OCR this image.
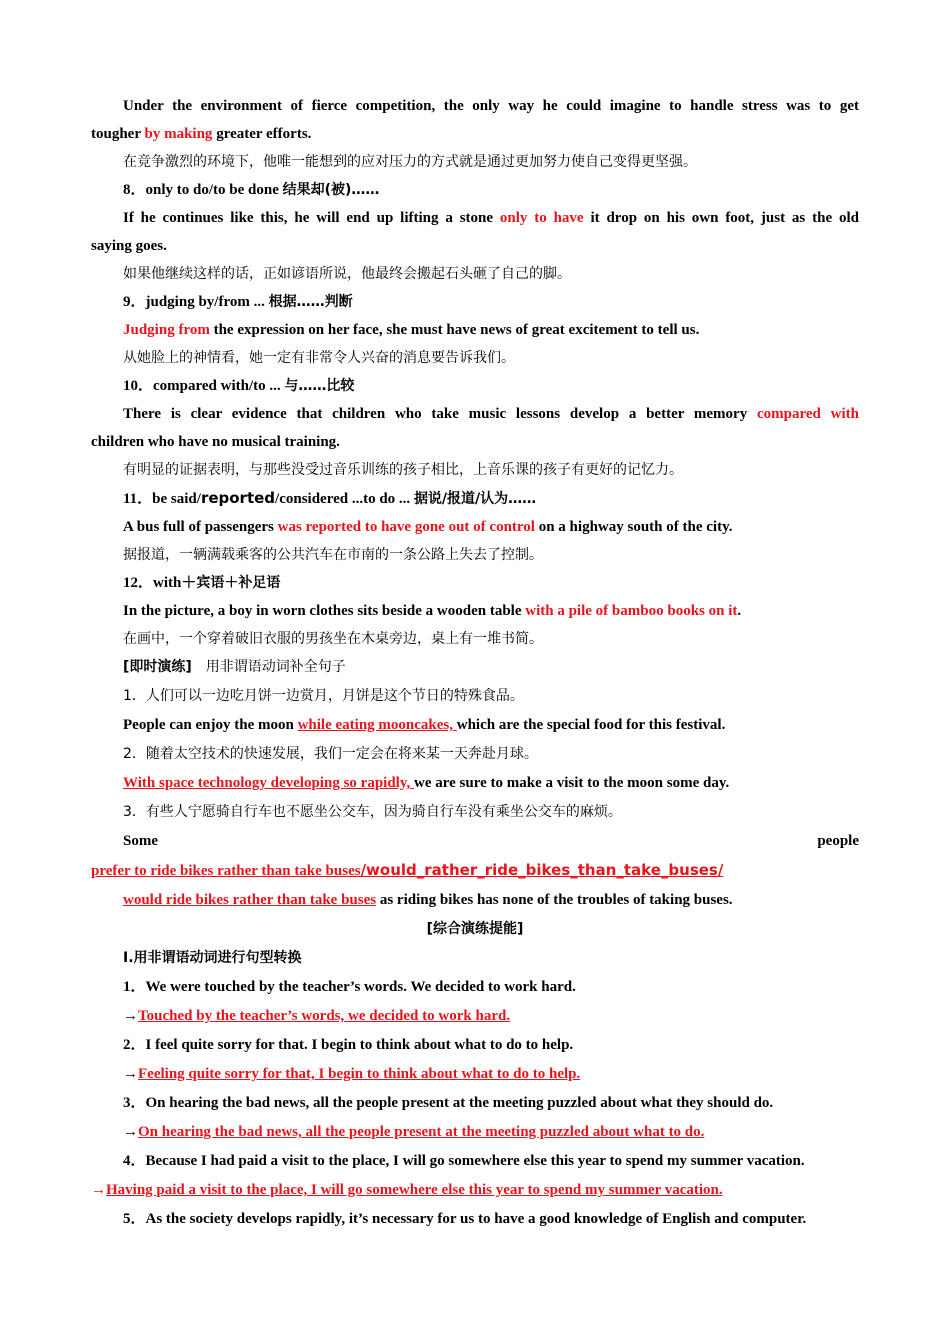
Under the environment of fierce competition, the only way he could imagine to handle stress was to get
tougher by making greater efforts.
在竞争激烈的环境下，他唯一能想到的应对压力的方式就是通过更加努力使自己变得更坚强。
8．only to do/to be done 结果却(被)……
If he continues like this, he will end up lifting a stone only to have it drop on his own foot, just as the old
saying goes.
如果他继续这样的话，正如谚语所说，他最终会搬起石头砸了自己的脚。
9．judging by/from ... 根据……判断
Judging from the expression on her face, she must have news of great excitement to tell us.
从她脸上的神情看，她一定有非常令人兴奋的消息要告诉我们。
10．compared with/to ... 与……比较
There is clear evidence that children who take music lessons develop a better memory compared with
children who have no musical training.
有明显的证据表明，与那些没受过音乐训练的孩子相比，上音乐课的孩子有更好的记忆力。
11．be said/reported/considered ...to do ... 据说/报道/认为……
A bus full of passengers was reported to have gone out of control on a highway south of the city.
据报道，一辆满载乘客的公共汽车在市南的一条公路上失去了控制。
12．with＋宾语＋补足语
In the picture, a boy in worn clothes sits beside a wooden table with a pile of bamboo books on it.
在画中，一个穿着破旧衣服的男孩坐在木桌旁边，桌上有一堆书简。
[即时演练]　用非谓语动词补全句子
1．人们可以一边吃月饼一边赏月，月饼是这个节日的特殊食品。
People can enjoy the moon while eating mooncakes, which are the special food for this festival.
2．随着太空技术的快速发展，我们一定会在将来某一天奔赴月球。
With space technology developing so rapidly, we are sure to make a visit to the moon some day.
3．有些人宁愿骑自行车也不愿坐公交车，因为骑自行车没有乘坐公交车的麻烦。
Some	people
prefer to ride bikes rather than take buses/would_rather_ride_bikes_than_take_buses/
would ride bikes rather than take buses as riding bikes has none of the troubles of taking buses.
[综合演练提能]
Ⅰ.用非谓语动词进行句型转换
1．We were touched by the teacher’s words. We decided to work hard.
→Touched by the teacher’s words, we decided to work hard.
2．I feel quite sorry for that. I begin to think about what to do to help.
→Feeling quite sorry for that, I begin to think about what to do to help.
3．On hearing the bad news, all the people present at the meeting puzzled about what they should do.
→On hearing the bad news, all the people present at the meeting puzzled about what to do.
4．Because I had paid a visit to the place, I will go somewhere else this year to spend my summer vacation.
→Having paid a visit to the place, I will go somewhere else this year to spend my summer vacation.
5．As the society develops rapidly, it’s necessary for us to have a good knowledge of English and computer.
